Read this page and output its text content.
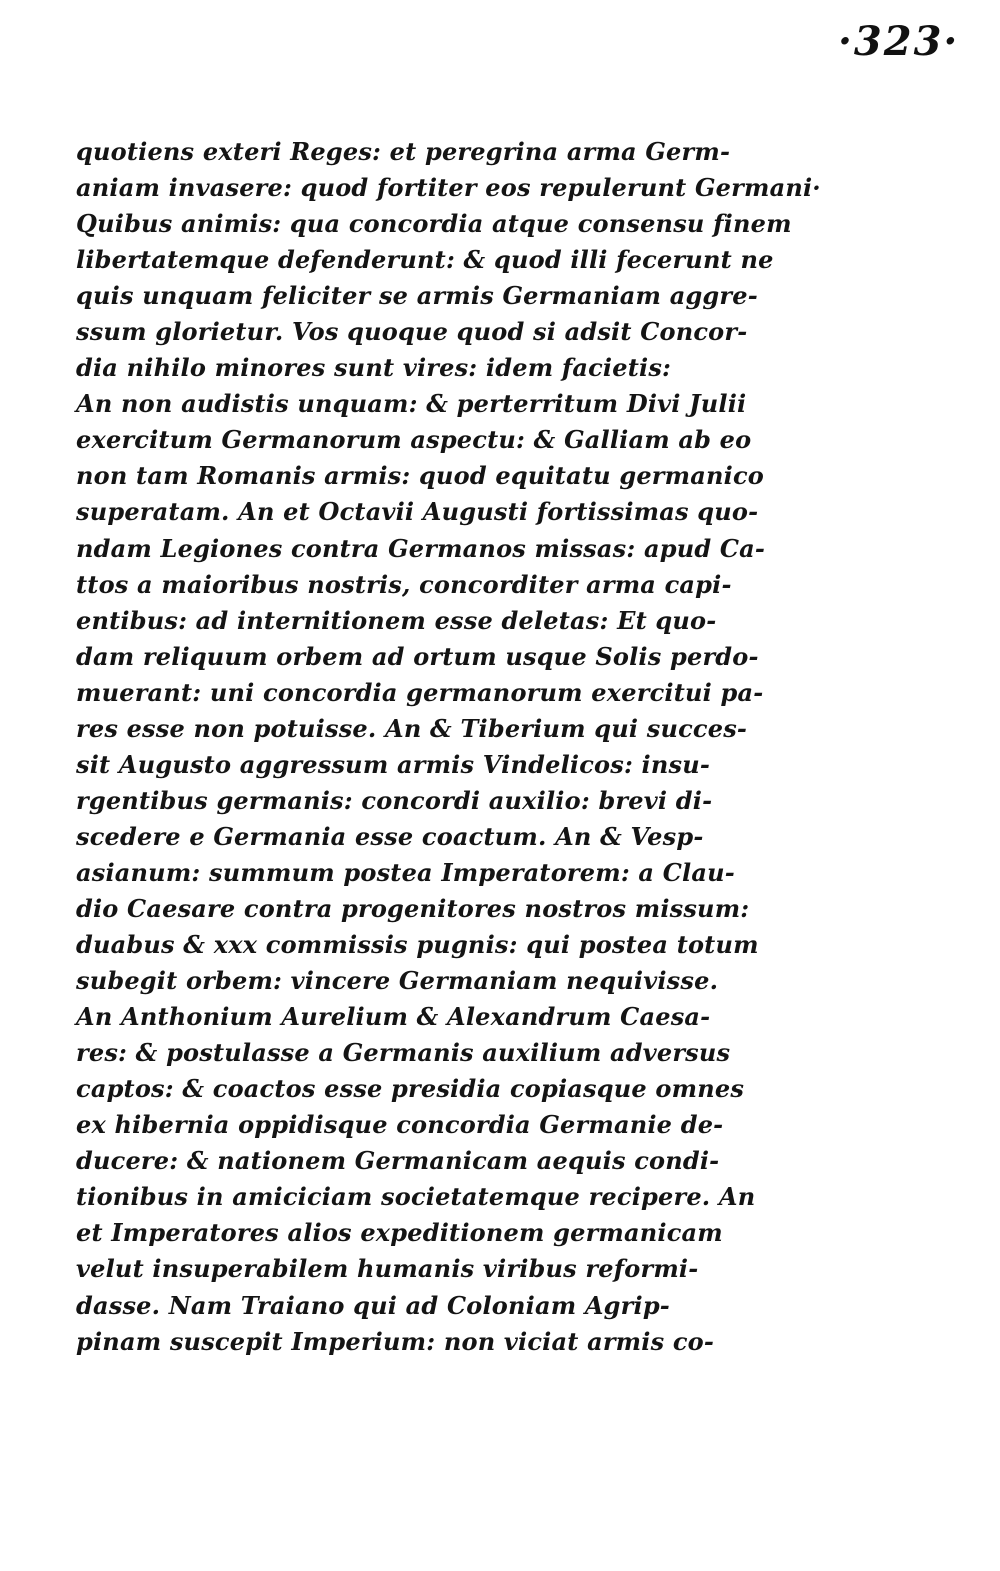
·323·
quotiens exteri Reges: et peregrina arma Germ-
aniam invasere: quod fortiter eos repulerunt Germani·
Quibus animis: qua concordia atque consensu finem
libertatemque defenderunt: & quod illi fecerunt ne
quis unquam feliciter se armis Germaniam aggre-
ssum glorietur. Vos quoque quod si adsit Concor-
dia nihilo minores sunt vires: idem facietis:
An non audistis unquam: & perterritum Divi Julii
exercitum Germanorum aspectu: & Galliam ab eo
non tam Romanis armis: quod equitatu germanico
superatam. An et Octavii Augusti fortissimas quo-
ndam Legiones contra Germanos missas: apud Ca-
ttos a maioribus nostris, concorditer arma capi-
entibus: ad internitionem esse deletas: Et quo-
dam reliquum orbem ad ortum usque Solis perdo-
muerant: uni concordia germanorum exercitui pa-
res esse non potuisse. An & Tiberium qui succes-
sit Augusto aggressum armis Vindelicos: insu-
rgentibus germanis: concordi auxilio: brevi di-
scedere e Germania esse coactum. An & Vesp-
asianum: summum postea Imperatorem: a Clau-
dio Caesare contra progenitores nostros missum:
duabus & xxx commissis pugnis: qui postea totum
subegit orbem: vincere Germaniam nequivisse.
An Anthonium Aurelium & Alexandrum Caesa-
res: & postulasse a Germanis auxilium adversus
captos: & coactos esse presidia copiasque omnes
ex hibernia oppidisque concordia Germanie de-
ducere: & nationem Germanicam aequis condi-
tionibus in amiciciam societatemque recipere. An
et Imperatores alios expeditionem germanicam
velut insuperabilem humanis viribus reformi-
dasse. Nam Traiano qui ad Coloniam Agrip-
pinam suscepit Imperium: non viciat armis co-
